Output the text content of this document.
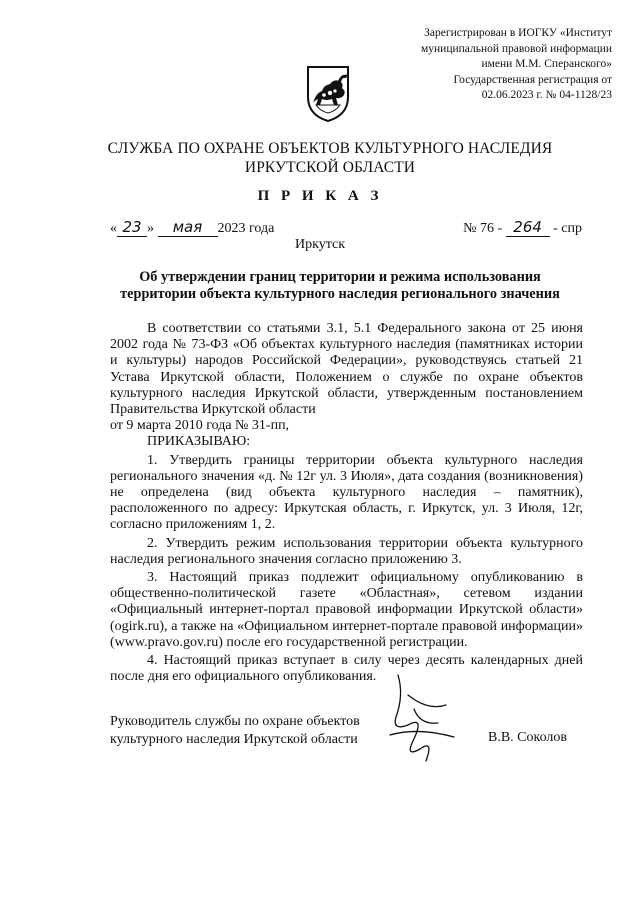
Зарегистрирован в ИОГКУ «Институт
муниципальной правовой информации
имени М.М. Сперанского»
Государственная регистрация от
02.06.2023 г. № 04-1128/23
СЛУЖБА ПО ОХРАНЕ ОБЪЕКТОВ КУЛЬТУРНОГО НАСЛЕДИЯ
ИРКУТСКОЙ ОБЛАСТИ
П Р И К А З
« 23 » мая 2023 года	№ 76 - 264 - спр
Иркутск
Об утверждении границ территории и режима использования
территории объекта культурного наследия регионального значения

В соответствии со статьями 3.1, 5.1 Федерального закона от 25 июня 2002 года № 73-ФЗ «Об объектах культурного наследия (памятниках истории и культуры) народов Российской Федерации», руководствуясь статьей 21 Устава Иркутской области, Положением о службе по охране объектов культурного наследия Иркутской области, утвержденным постановлением Правительства Иркутской области

от 9 марта 2010 года № 31-пп,

ПРИКАЗЫВАЮ:

1. Утвердить границы территории объекта культурного наследия регионального значения «д. № 12г ул. 3 Июля», дата создания (возникновения) не определена (вид объекта культурного наследия – памятник), расположенного по адресу: Иркутская область, г. Иркутск, ул. 3 Июля, 12г, согласно приложениям 1, 2.

2. Утвердить режим использования территории объекта культурного наследия регионального значения согласно приложению 3.

3. Настоящий приказ подлежит официальному опубликованию в общественно-политической газете «Областная», сетевом издании «Официальный интернет-портал правовой информации Иркутской области» (ogirk.ru), а также на «Официальном интернет-портале правовой информации» (www.pravo.gov.ru) после его государственной регистрации.

4. Настоящий приказ вступает в силу через десять календарных дней после дня его официального опубликования.

Руководитель службы по охране объектов
культурного наследия Иркутской области	В.В. Соколов
